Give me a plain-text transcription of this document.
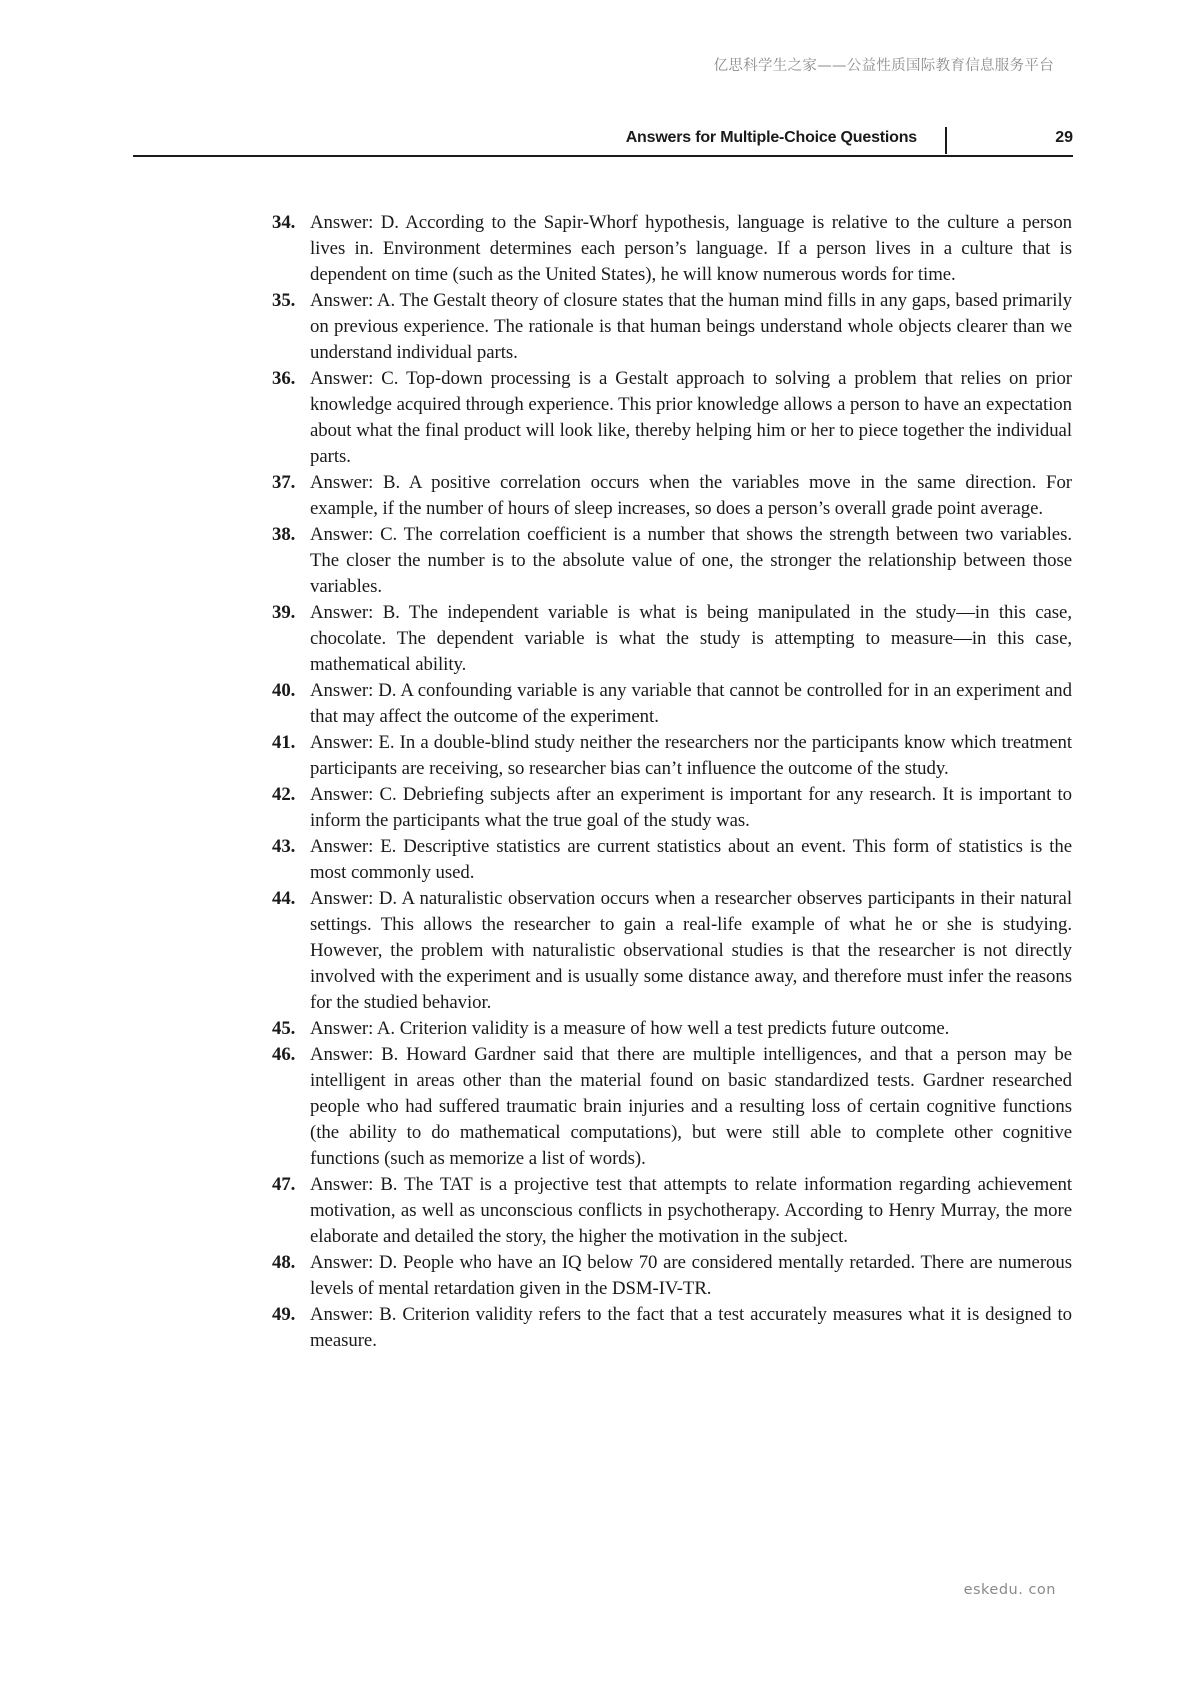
亿思科学生之家——公益性质国际教育信息服务平台
Answers for Multiple-Choice Questions	29
34. Answer: D. According to the Sapir-Whorf hypothesis, language is relative to the culture a person lives in. Environment determines each person’s language. If a person lives in a culture that is dependent on time (such as the United States), he will know numerous words for time.
35. Answer: A. The Gestalt theory of closure states that the human mind fills in any gaps, based primarily on previous experience. The rationale is that human beings understand whole objects clearer than we understand individual parts.
36. Answer: C. Top-down processing is a Gestalt approach to solving a problem that relies on prior knowledge acquired through experience. This prior knowledge allows a person to have an expectation about what the final product will look like, thereby helping him or her to piece together the individual parts.
37. Answer: B. A positive correlation occurs when the variables move in the same direction. For example, if the number of hours of sleep increases, so does a person’s overall grade point average.
38. Answer: C. The correlation coefficient is a number that shows the strength between two variables. The closer the number is to the absolute value of one, the stronger the relationship between those variables.
39. Answer: B. The independent variable is what is being manipulated in the study—in this case, chocolate. The dependent variable is what the study is attempting to measure—in this case, mathematical ability.
40. Answer: D. A confounding variable is any variable that cannot be controlled for in an experiment and that may affect the outcome of the experiment.
41. Answer: E. In a double-blind study neither the researchers nor the participants know which treatment participants are receiving, so researcher bias can’t influence the outcome of the study.
42. Answer: C. Debriefing subjects after an experiment is important for any research. It is important to inform the participants what the true goal of the study was.
43. Answer: E. Descriptive statistics are current statistics about an event. This form of statistics is the most commonly used.
44. Answer: D. A naturalistic observation occurs when a researcher observes participants in their natural settings. This allows the researcher to gain a real-life example of what he or she is studying. However, the problem with naturalistic observational studies is that the researcher is not directly involved with the experiment and is usually some distance away, and therefore must infer the reasons for the studied behavior.
45. Answer: A. Criterion validity is a measure of how well a test predicts future outcome.
46. Answer: B. Howard Gardner said that there are multiple intelligences, and that a person may be intelligent in areas other than the material found on basic standardized tests. Gardner researched people who had suffered traumatic brain injuries and a resulting loss of certain cognitive functions (the ability to do mathematical computations), but were still able to complete other cognitive functions (such as memorize a list of words).
47. Answer: B. The TAT is a projective test that attempts to relate information regarding achievement motivation, as well as unconscious conflicts in psychotherapy. According to Henry Murray, the more elaborate and detailed the story, the higher the motivation in the subject.
48. Answer: D. People who have an IQ below 70 are considered mentally retarded. There are numerous levels of mental retardation given in the DSM-IV-TR.
49. Answer: B. Criterion validity refers to the fact that a test accurately measures what it is designed to measure.
eskedu. con
